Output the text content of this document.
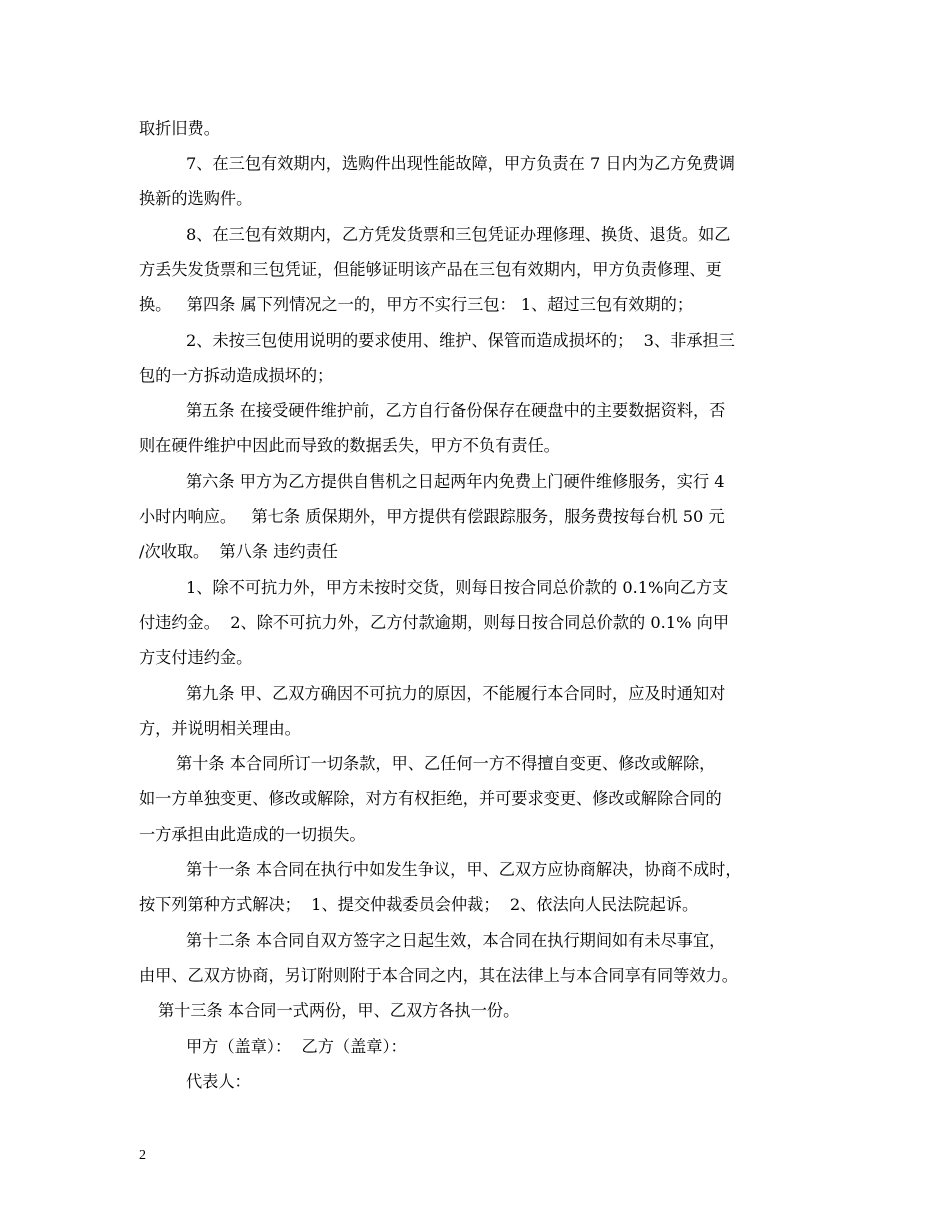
取折旧费。
7、在三包有效期内，选购件出现性能故障，甲方负责在 7 日内为乙方免费调
换新的选购件。
8、在三包有效期内，乙方凭发货票和三包凭证办理修理、换货、退货。如乙
方丢失发货票和三包凭证，但能够证明该产品在三包有效期内，甲方负责修理、更
换。   第四条 属下列情况之一的，甲方不实行三包： 1、超过三包有效期的；
2、未按三包使用说明的要求使用、维护、保管而造成损坏的；  3、非承担三
包的一方拆动造成损坏的；
第五条 在接受硬件维护前，乙方自行备份保存在硬盘中的主要数据资料，否
则在硬件维护中因此而导致的数据丢失，甲方不负有责任。
第六条 甲方为乙方提供自售机之日起两年内免费上门硬件维修服务，实行 4
小时内响应。   第七条 质保期外，甲方提供有偿跟踪服务，服务费按每台机 50 元
/次收取。  第八条 违约责任
1、除不可抗力外，甲方未按时交货，则每日按合同总价款的 0.1%向乙方支
付违约金。  2、除不可抗力外，乙方付款逾期，则每日按合同总价款的 0.1% 向甲
方支付违约金。
第九条 甲、乙双方确因不可抗力的原因，不能履行本合同时，应及时通知对
方，并说明相关理由。
第十条 本合同所订一切条款，甲、乙任何一方不得擅自变更、修改或解除，
如一方单独变更、修改或解除，对方有权拒绝，并可要求变更、修改或解除合同的
一方承担由此造成的一切损失。
第十一条 本合同在执行中如发生争议，甲、乙双方应协商解决，协商不成时，
按下列第种方式解决；  1、提交仲裁委员会仲裁；  2、依法向人民法院起诉。
第十二条 本合同自双方签字之日起生效，本合同在执行期间如有未尽事宜，
由甲、乙双方协商，另订附则附于本合同之内，其在法律上与本合同享有同等效力。
第十三条 本合同一式两份，甲、乙双方各执一份。
甲方（盖章）：  乙方（盖章）：
代表人：
2
